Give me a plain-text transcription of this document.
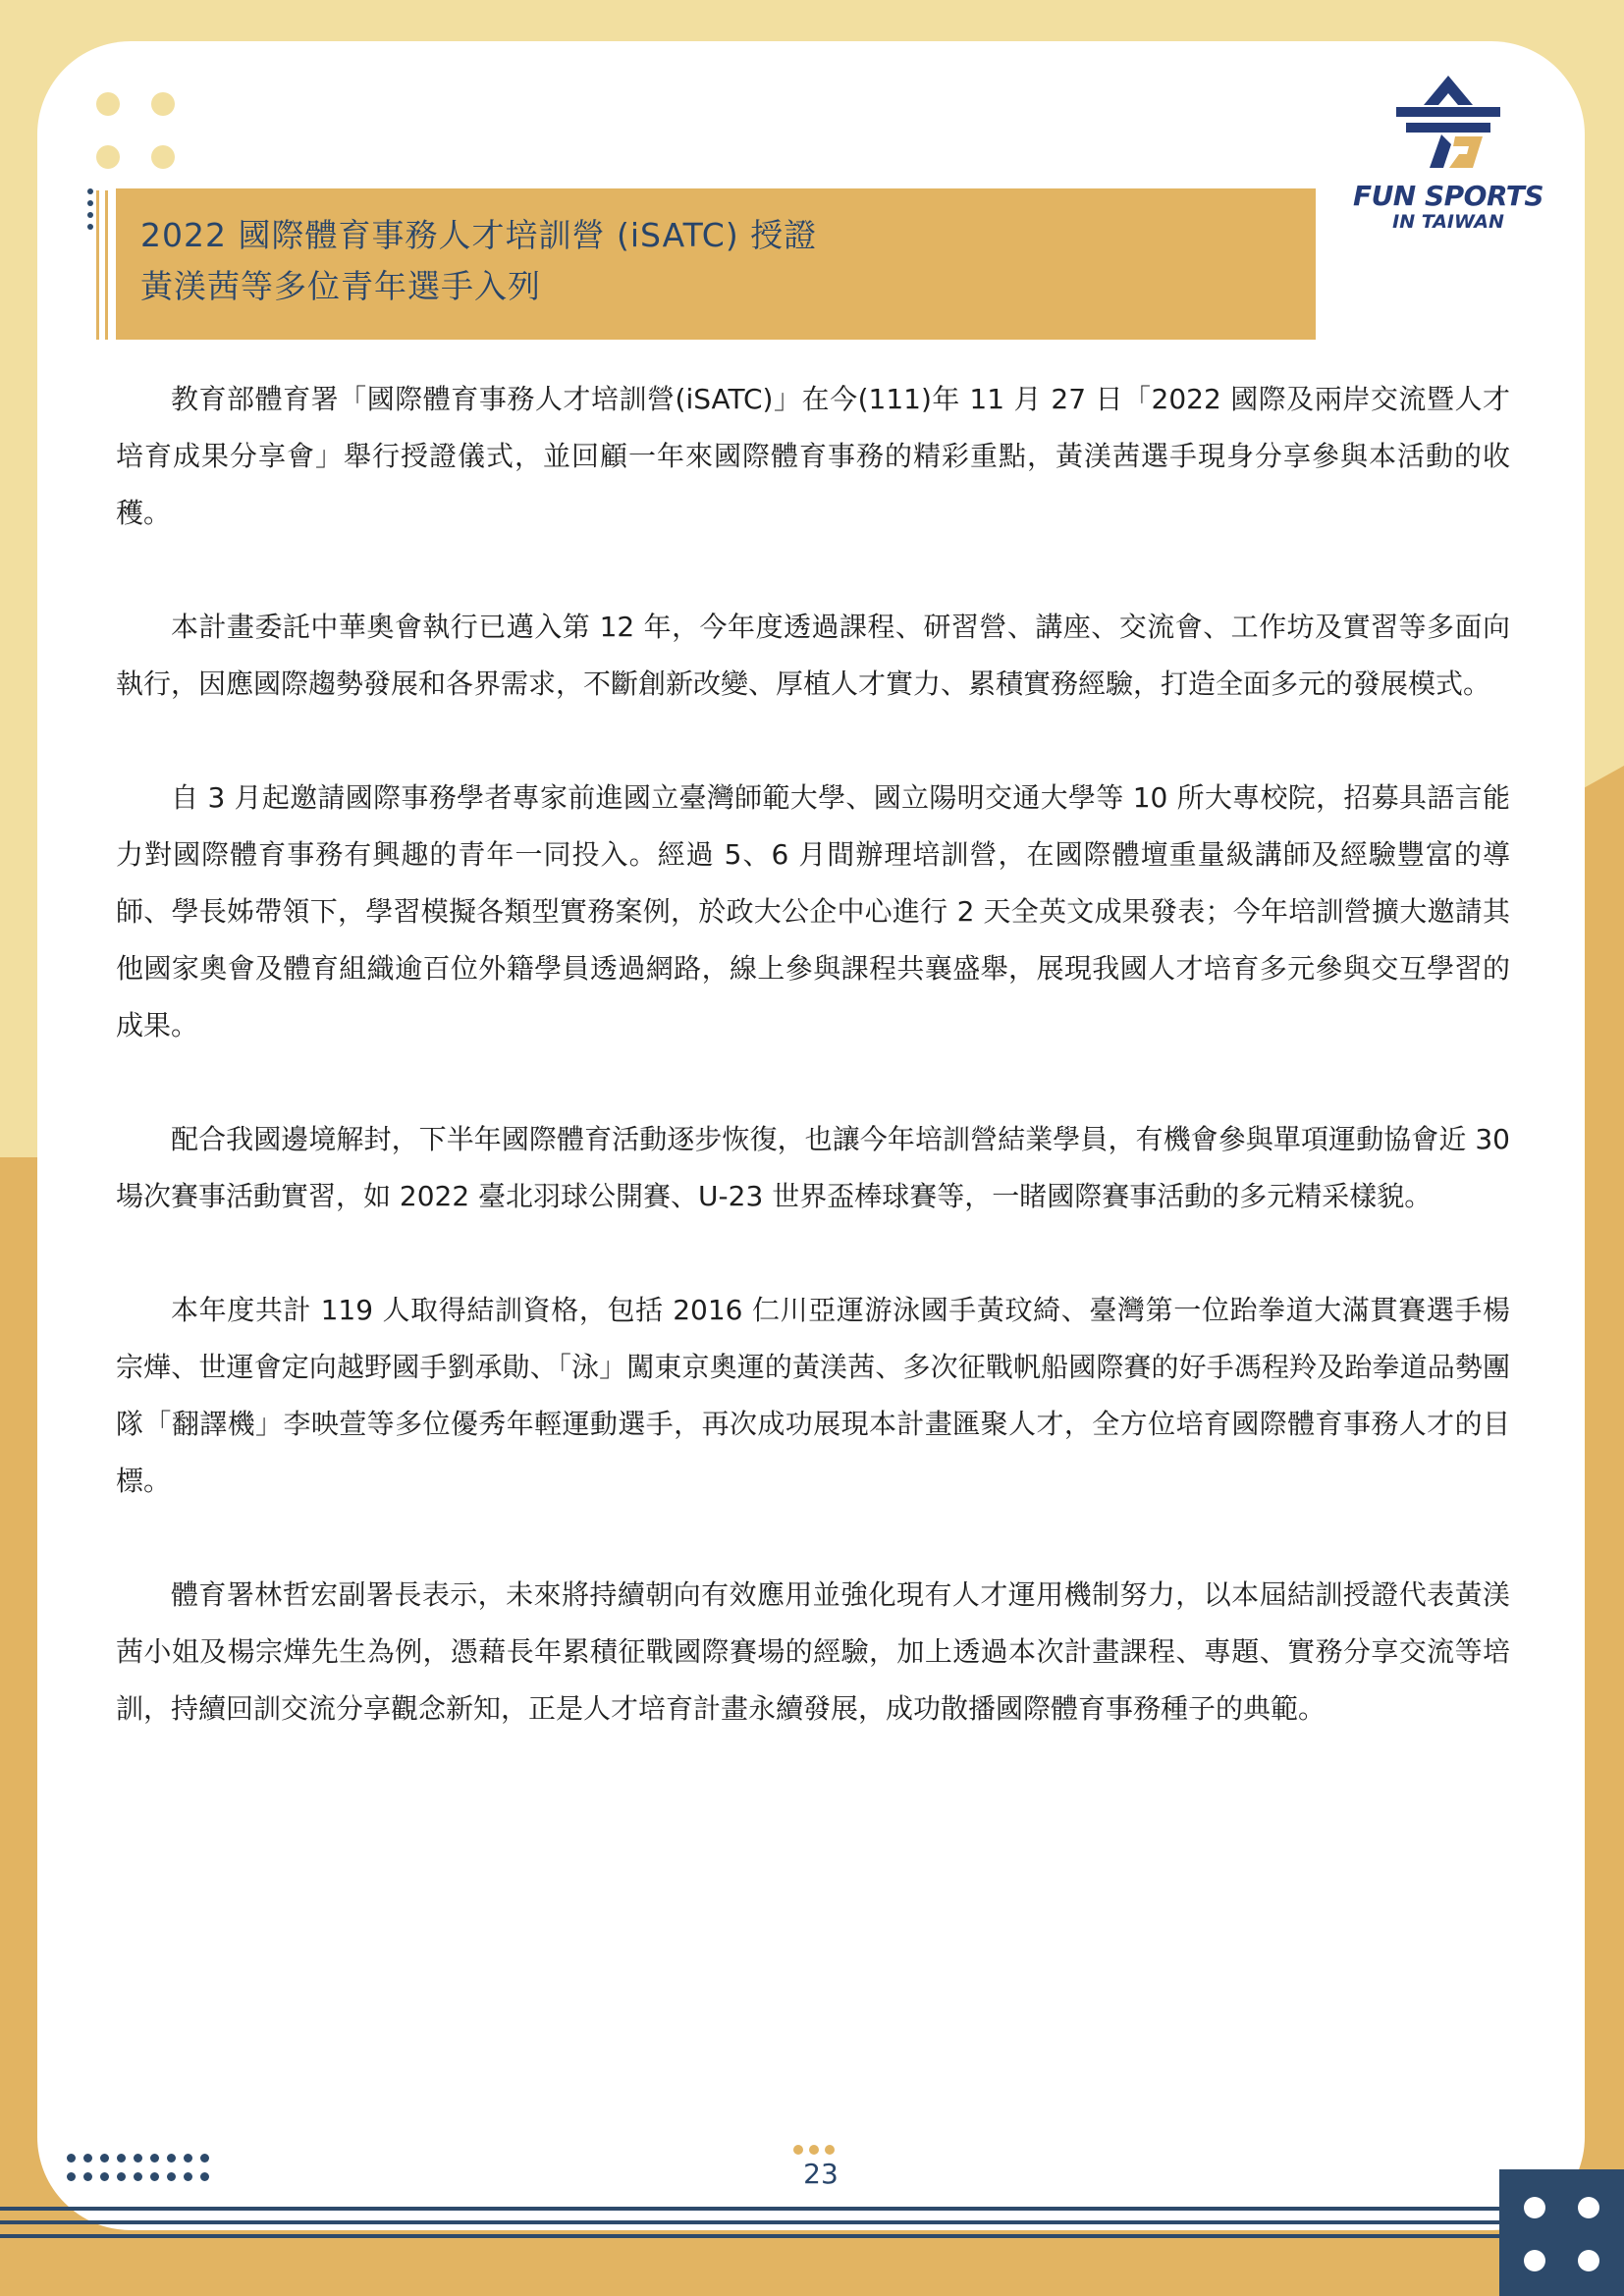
2022 國際體育事務人才培訓營 (iSATC) 授證
黃渼茜等多位青年選手入列
FUN SPORTS
IN TAIWAN

教育部體育署「國際體育事務人才培訓營(iSATC)」在今(111)年 11 月 27 日「2022 國際及兩岸交流暨人才培育成果分享會」舉行授證儀式，並回顧一年來國際體育事務的精彩重點，黃渼茜選手現身分享參與本活動的收穫。

本計畫委託中華奧會執行已邁入第 12 年，今年度透過課程、研習營、講座、交流會、工作坊及實習等多面向執行，因應國際趨勢發展和各界需求，不斷創新改變、厚植人才實力、累積實務經驗，打造全面多元的發展模式。

自 3 月起邀請國際事務學者專家前進國立臺灣師範大學、國立陽明交通大學等 10 所大專校院，招募具語言能力對國際體育事務有興趣的青年一同投入。經過 5、6 月間辦理培訓營，在國際體壇重量級講師及經驗豐富的導師、學長姊帶領下，學習模擬各類型實務案例，於政大公企中心進行 2 天全英文成果發表；今年培訓營擴大邀請其他國家奧會及體育組織逾百位外籍學員透過網路，線上參與課程共襄盛舉，展現我國人才培育多元參與交互學習的成果。

配合我國邊境解封，下半年國際體育活動逐步恢復，也讓今年培訓營結業學員，有機會參與單項運動協會近 30 場次賽事活動實習，如 2022 臺北羽球公開賽、U-23 世界盃棒球賽等，一睹國際賽事活動的多元精采樣貌。

本年度共計 119 人取得結訓資格，包括 2016 仁川亞運游泳國手黃玟綺、臺灣第一位跆拳道大滿貫賽選手楊宗燁、世運會定向越野國手劉承勛、「泳」闖東京奧運的黃渼茜、多次征戰帆船國際賽的好手馮程羚及跆拳道品勢團隊「翻譯機」李映萱等多位優秀年輕運動選手，再次成功展現本計畫匯聚人才，全方位培育國際體育事務人才的目標。

體育署林哲宏副署長表示，未來將持續朝向有效應用並強化現有人才運用機制努力，以本屆結訓授證代表黃渼茜小姐及楊宗燁先生為例，憑藉長年累積征戰國際賽場的經驗，加上透過本次計畫課程、專題、實務分享交流等培訓，持續回訓交流分享觀念新知，正是人才培育計畫永續發展，成功散播國際體育事務種子的典範。

23
